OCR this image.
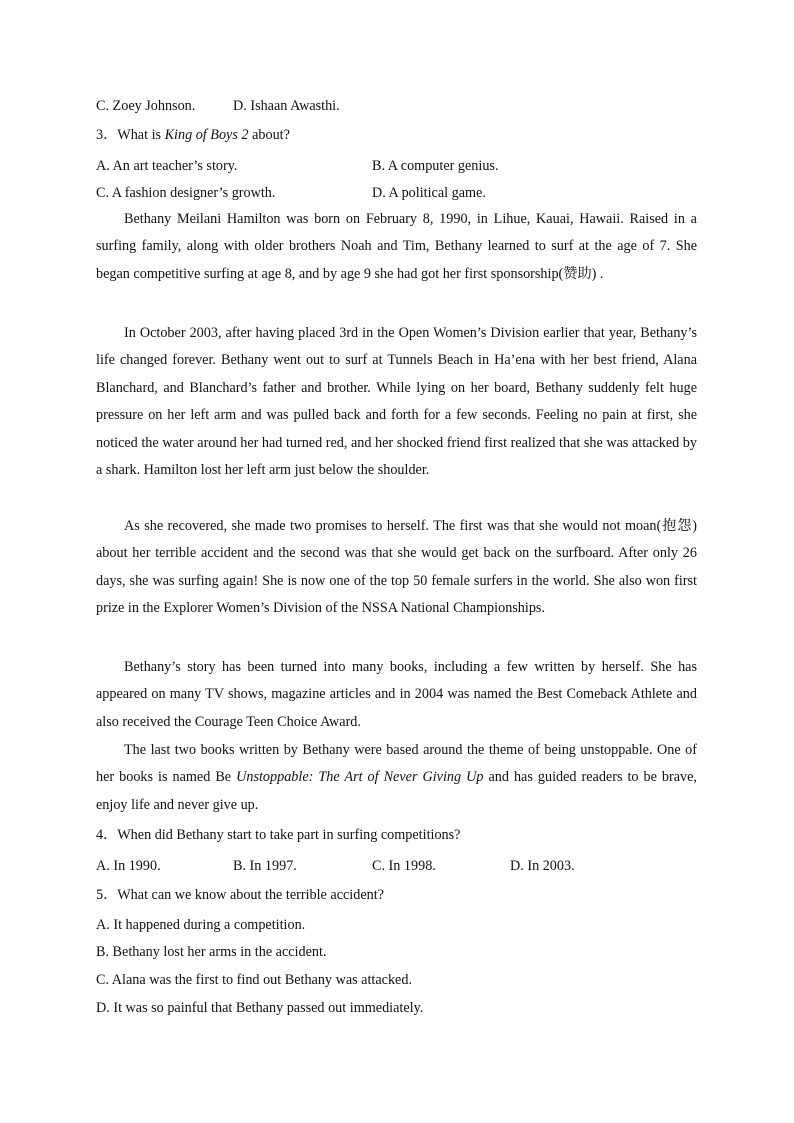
C. Zoey Johnson.	D. Ishaan Awasthi.
3．What is King of Boys 2 about?
A. An art teacher’s story.	B. A computer genius.
C. A fashion designer’s growth.	D. A political game.
Bethany Meilani Hamilton was born on February 8, 1990, in Lihue, Kauai, Hawaii. Raised in a surfing family, along with older brothers Noah and Tim, Bethany learned to surf at the age of 7. She began competitive surfing at age 8, and by age 9 she had got her first sponsorship(赞助) .
In October 2003, after having placed 3rd in the Open Women’s Division earlier that year, Bethany’s life changed forever. Bethany went out to surf at Tunnels Beach in Ha’ena with her best friend, Alana Blanchard, and Blanchard’s father and brother. While lying on her board, Bethany suddenly felt huge pressure on her left arm and was pulled back and forth for a few seconds. Feeling no pain at first, she noticed the water around her had turned red, and her shocked friend first realized that she was attacked by a shark. Hamilton lost her left arm just below the shoulder.
As she recovered, she made two promises to herself. The first was that she would not moan(抱怨) about her terrible accident and the second was that she would get back on the surfboard. After only 26 days, she was surfing again! She is now one of the top 50 female surfers in the world. She also won first prize in the Explorer Women’s Division of the NSSA National Championships.
Bethany’s story has been turned into many books, including a few written by herself. She has appeared on many TV shows, magazine articles and in 2004 was named the Best Comeback Athlete and also received the Courage Teen Choice Award.
The last two books written by Bethany were based around the theme of being unstoppable. One of her books is named Be Unstoppable: The Art of Never Giving Up and has guided readers to be brave, enjoy life and never give up.
4．When did Bethany start to take part in surfing competitions?
A. In 1990.	B. In 1997.	C. In 1998.	D. In 2003.
5．What can we know about the terrible accident?
A. It happened during a competition.
B. Bethany lost her arms in the accident.
C. Alana was the first to find out Bethany was attacked.
D. It was so painful that Bethany passed out immediately.
